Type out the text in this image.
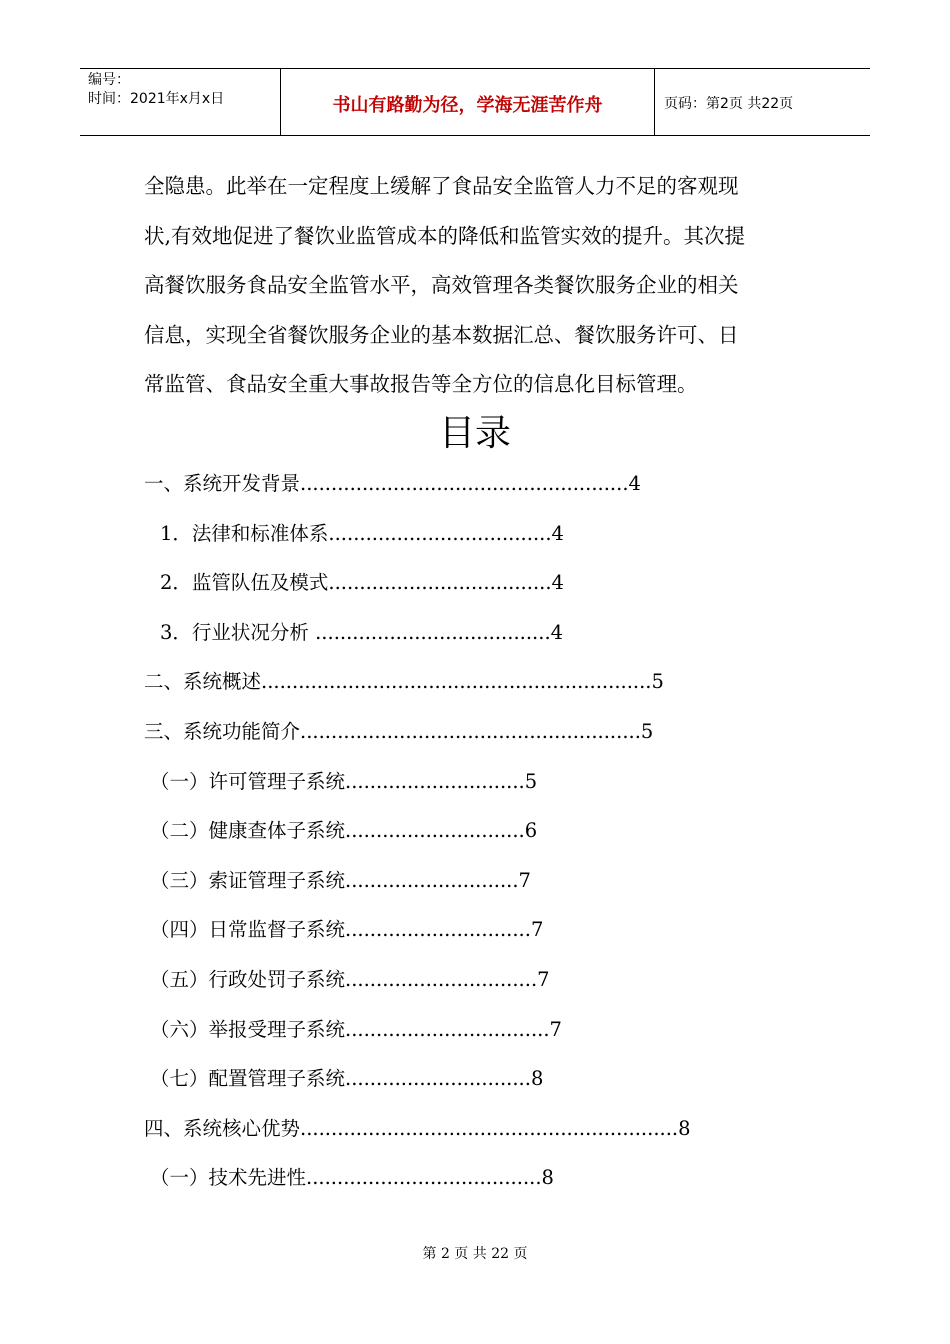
编号：
时间：2021年x月x日	书山有路勤为径，学海无涯苦作舟	页码：第2页 共22页

全隐患。此举在一定程度上缓解了食品安全监管人力不足的客观现

状,有效地促进了餐饮业监管成本的降低和监管实效的提升。其次提

高餐饮服务食品安全监管水平，高效管理各类餐饮服务企业的相关

信息，实现全省餐饮服务企业的基本数据汇总、餐饮服务许可、日

常监管、食品安全重大事故报告等全方位的信息化目标管理。

目录
一、系统开发背景.....................................................4
1．法律和标准体系....................................4
2．监管队伍及模式....................................4
3．行业状况分析 ......................................4
二、系统概述...............................................................5
三、系统功能简介.......................................................5
（一）许可管理子系统.............................5
（二）健康查体子系统.............................6
（三）索证管理子系统............................7
（四）日常监督子系统..............................7
（五）行政处罚子系统...............................7
（六）举报受理子系统.................................7
（七）配置管理子系统..............................8
四、系统核心优势.............................................................8
（一）技术先进性......................................8
第 2 页 共 22 页
